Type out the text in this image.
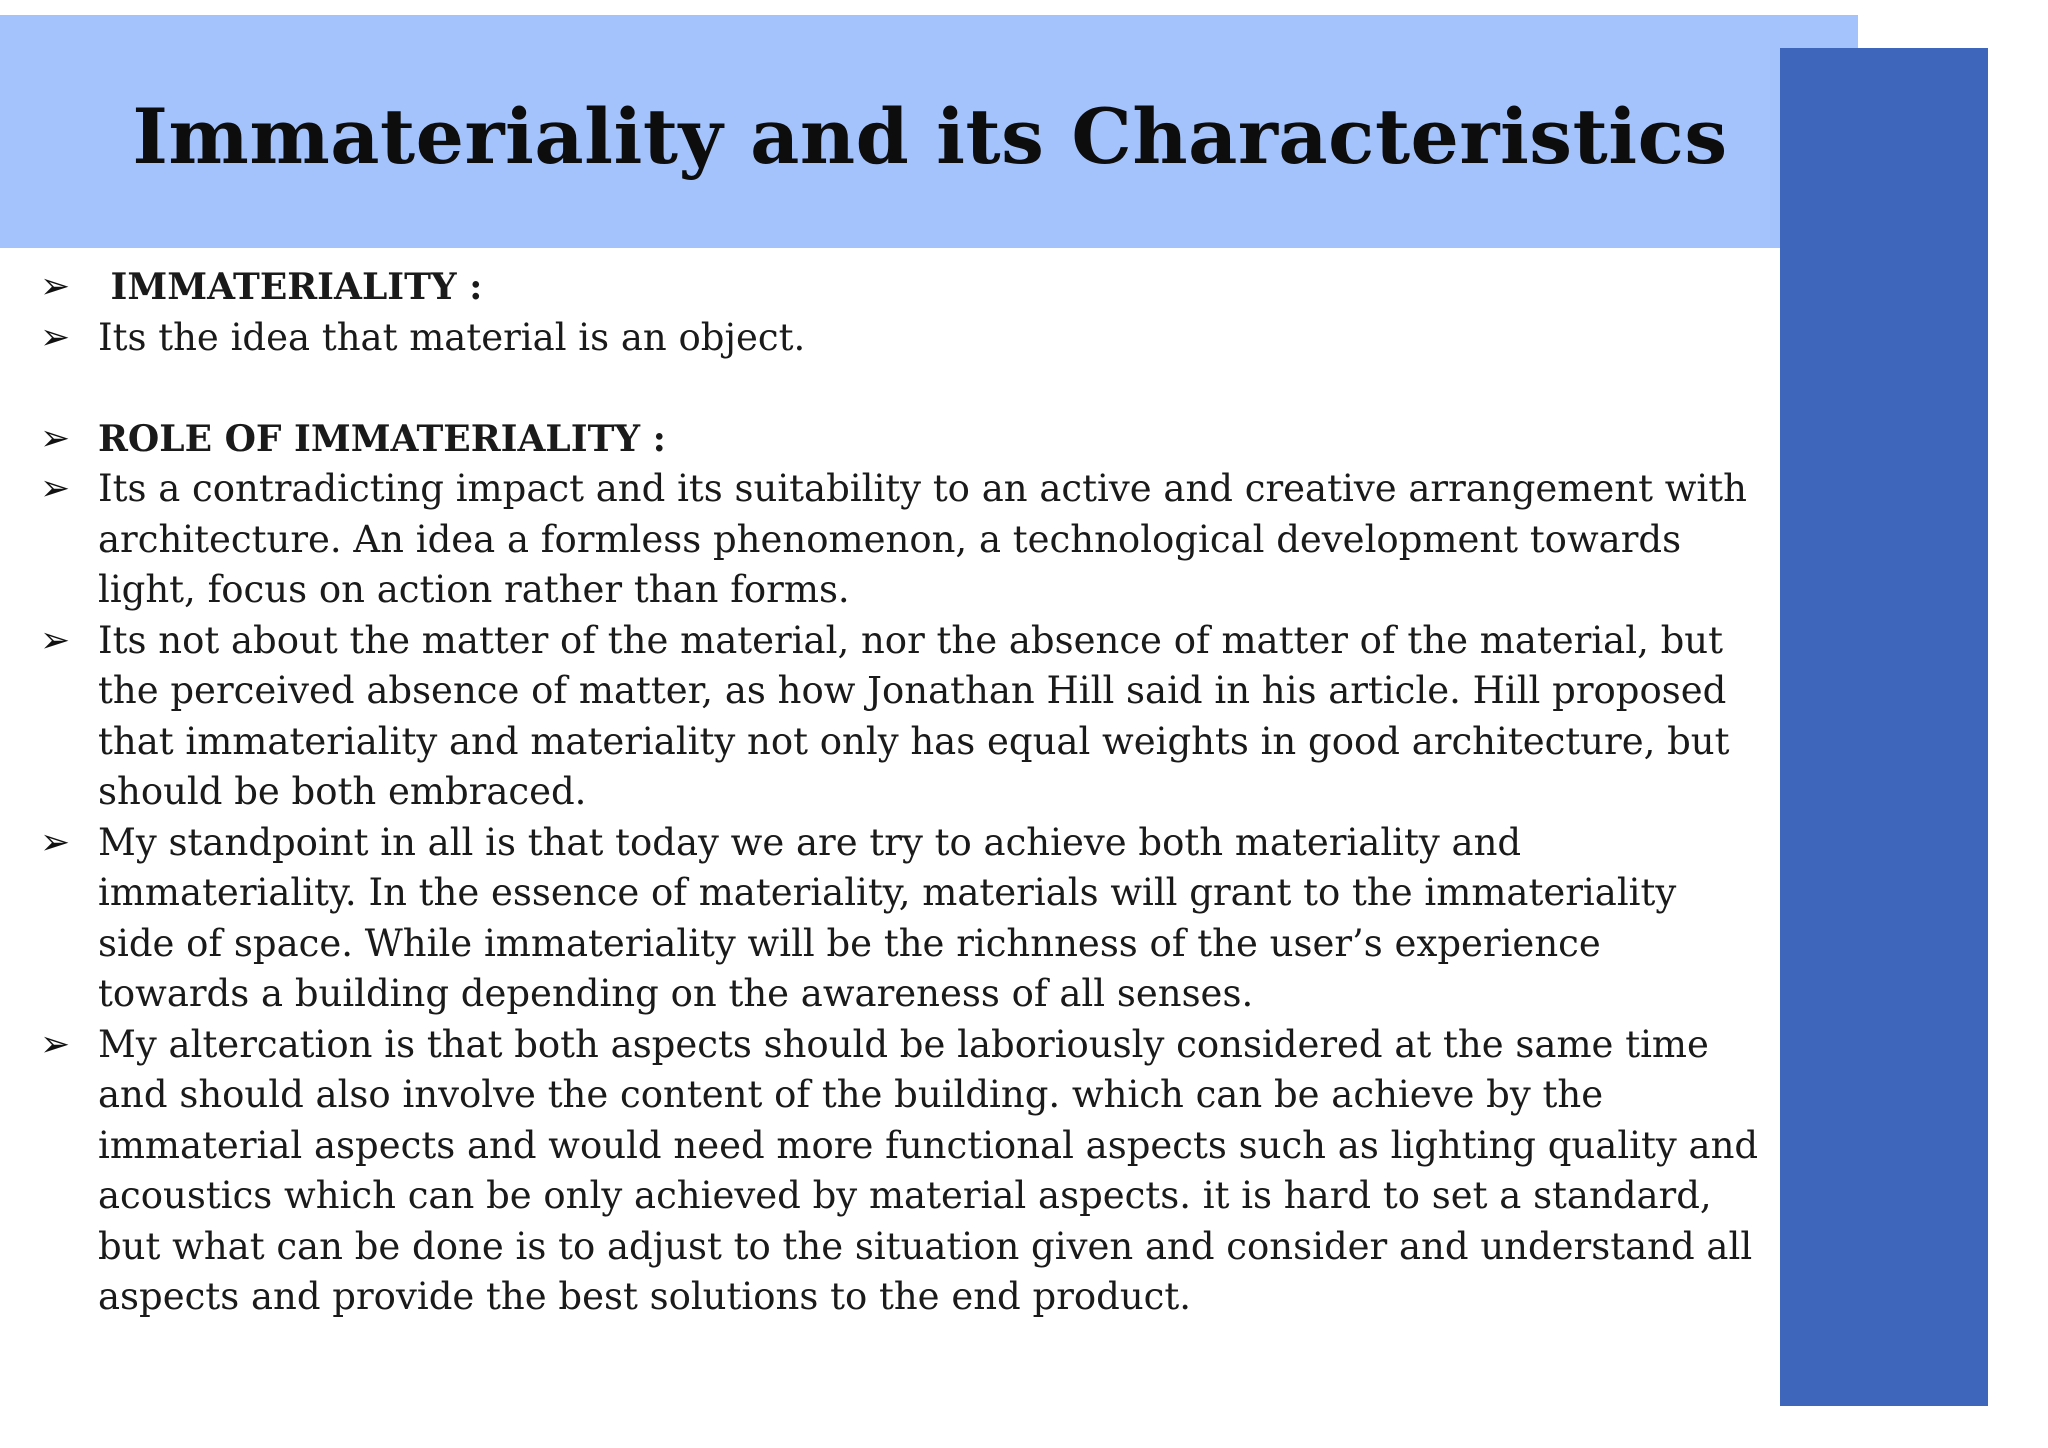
Immateriality and its Characteristics
➢ IMMATERIALITY :
➢ Its the idea that material is an object.
➢ ROLE OF IMMATERIALITY :
➢ Its a contradicting impact and its suitability to an active and creative arrangement with architecture. An idea a formless phenomenon, a technological development towards light, focus on action rather than forms.
➢ Its not about the matter of the material, nor the absence of matter of the material, but the perceived absence of matter, as how Jonathan Hill said in his article. Hill proposed that immateriality and materiality not only has equal weights in good architecture, but should be both embraced.
➢ My standpoint in all is that today we are try to achieve both materiality and immateriality. In the essence of materiality, materials will grant to the immateriality side of space. While immateriality will be the richnness of the user’s experience towards a building depending on the awareness of all senses.
➢ My altercation is that both aspects should be laboriously considered at the same time and should also involve the content of the building. which can be achieve by the immaterial aspects and would need more functional aspects such as lighting quality and acoustics which can be only achieved by material aspects. it is hard to set a standard, but what can be done is to adjust to the situation given and consider and understand all aspects and provide the best solutions to the end product.
